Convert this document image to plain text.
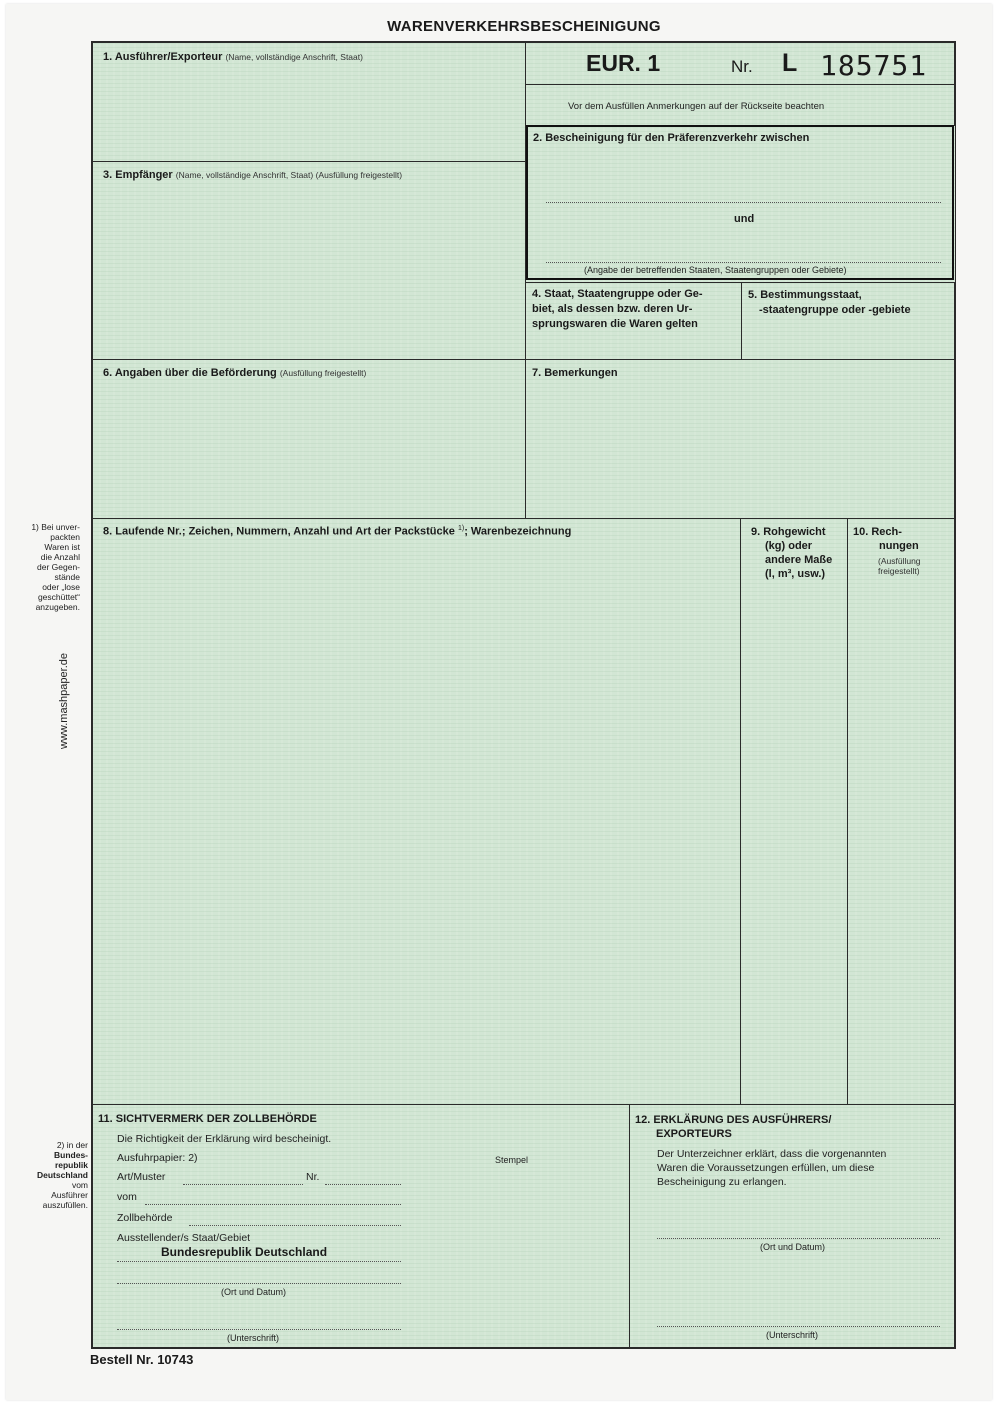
WARENVERKEHRSBESCHEINIGUNG
1. Ausführer/Exporteur (Name, vollständige Anschrift, Staat)	EUR. 1	Nr. L 185751
Vor dem Ausfüllen Anmerkungen auf der Rückseite beachten
2. Bescheinigung für den Präferenzverkehr zwischen
und
(Angabe der betreffenden Staaten, Staatengruppen oder Gebiete)
3. Empfänger (Name, vollständige Anschrift, Staat) (Ausfüllung freigestellt)
4. Staat, Staatengruppe oder Ge-
biet, als dessen bzw. deren Ur-
sprungswaren die Waren gelten
5. Bestimmungsstaat,
-staatengruppe oder -gebiete
6. Angaben über die Beförderung (Ausfüllung freigestellt)	7. Bemerkungen
8. Laufende Nr.; Zeichen, Nummern, Anzahl und Art der Packstücke $^{1)}$; Warenbezeichnung	9. Rohgewicht
(kg) oder
andere Maße
(l, m³, usw.)
10. Rech-
nungen
(Ausfüllung
freigestellt)
11. SICHTVERMERK DER ZOLLBEHÖRDE
Die Richtigkeit der Erklärung wird bescheinigt.
Ausfuhrpapier: 2)	Stempel
Art/Muster	Nr.
vom
Zollbehörde
Ausstellender/s Staat/Gebiet
Bundesrepublik Deutschland
(Ort und Datum)
(Unterschrift)
12. ERKLÄRUNG DES AUSFÜHRERS/
EXPORTEURS
Der Unterzeichner erklärt, dass die vorgenannten
Waren die Voraussetzungen erfüllen, um diese
Bescheinigung zu erlangen.
(Ort und Datum)
(Unterschrift)
1) Bei unver-
packten
Waren ist
die Anzahl
der Gegen-
stände
oder „lose
geschüttet“
anzugeben.
www.mashpaper.de
2) in der
Bundes-
republik
Deutschland
vom
Ausführer
auszufüllen.
Bestell Nr. 10743
